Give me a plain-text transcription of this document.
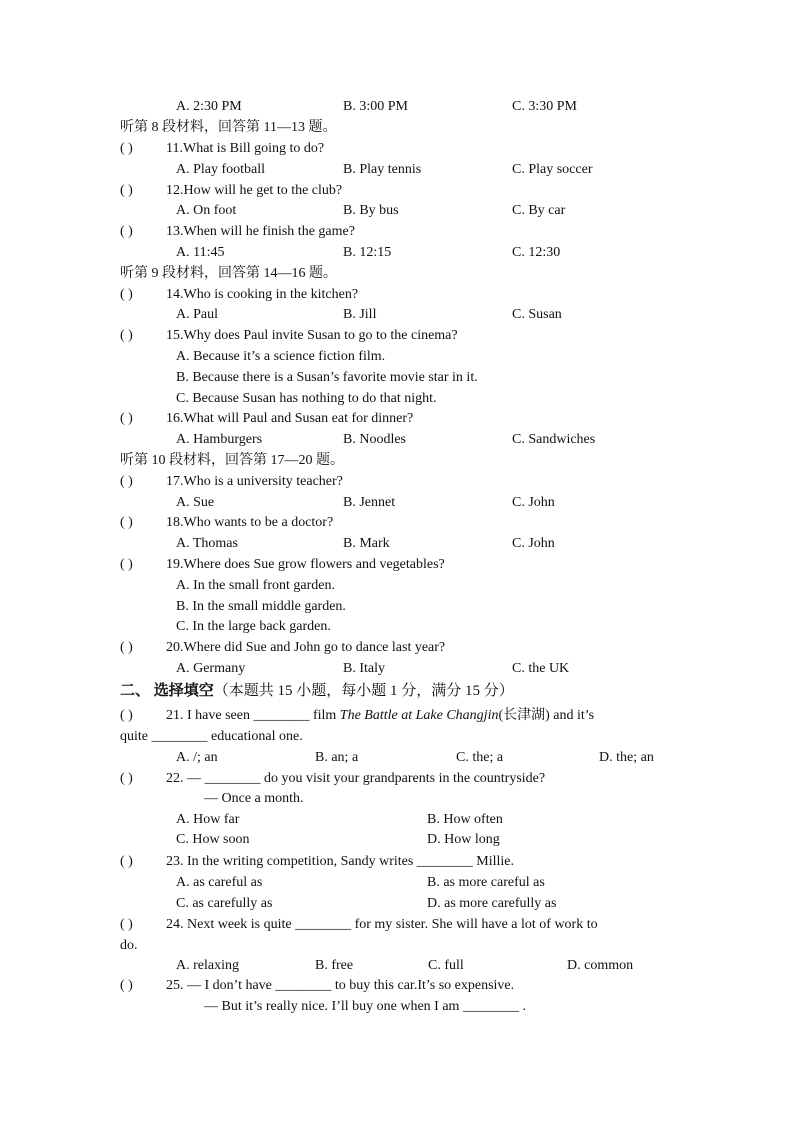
A. 2:30 PM	B. 3:00 PM	C. 3:30 PM
听第 8 段材料，回答第 11—13 题。
( ) 11.What is Bill going to do?
A. Play football	B. Play tennis	C. Play soccer
( ) 12.How will he get to the club?
A. On foot	B. By bus	C. By car
( ) 13.When will he finish the game?
A. 11:45	B. 12:15	C. 12:30
听第 9 段材料，回答第 14—16 题。
( ) 14.Who is cooking in the kitchen?
A. Paul	B. Jill	C. Susan
( ) 15.Why does Paul invite Susan to go to the cinema?
A. Because it’s a science fiction film.
B. Because there is a Susan’s favorite movie star in it.
C. Because Susan has nothing to do that night.
( ) 16.What will Paul and Susan eat for dinner?
A. Hamburgers	B. Noodles	C. Sandwiches
听第 10 段材料，回答第 17—20 题。
( ) 17.Who is a university teacher?
A. Sue	B. Jennet	C. John
( ) 18.Who wants to be a doctor?
A. Thomas	B. Mark	C. John
( ) 19.Where does Sue grow flowers and vegetables?
A. In the small front garden.
B. In the small middle garden.
C. In the large back garden.
( ) 20.Where did Sue and John go to dance last year?
A. Germany	B. Italy	C. the UK
二、 选择填空（本题共 15 小题，每小题 1 分，满分 15 分）
( ) 21. I have seen ________ film The Battle at Lake Changjin(长津湖) and it’s
quite ________ educational one.
A. /; an	B. an; a	C. the; a	D. the; an
( ) 22. — ________ do you visit your grandparents in the countryside?
— Once a month.
A. How far	B. How often
C. How soon	D. How long
( ) 23. In the writing competition, Sandy writes ________ Millie.
A. as careful as	B. as more careful as
C. as carefully as	D. as more carefully as
( ) 24. Next week is quite ________ for my sister. She will have a lot of work to
do.
A. relaxing	B. free	C. full	D. common
( ) 25. — I don’t have ________ to buy this car.It’s so expensive.
— But it’s really nice. I’ll buy one when I am ________ .
